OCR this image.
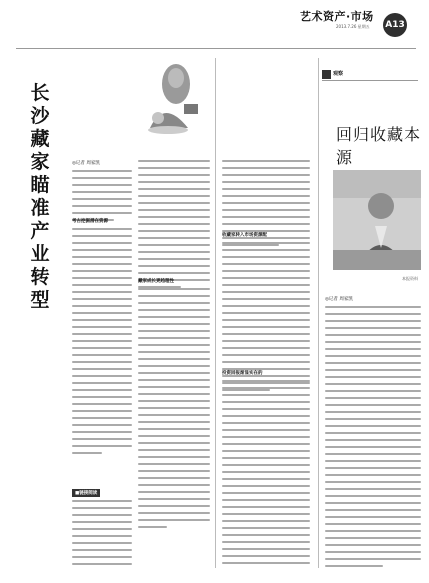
艺术资产·市场
2013.7.26 星期五 A13
长
沙
藏
家
瞄
准
产
业
转
型
◎记者 周家凯
考古挖掘潜在资源
■链接阅读
藏家成长更趋理性
收藏家转入市场资源配
投资回报渐显实在的
观察
回归收藏本源
本报资料
◎记者 周家凯
